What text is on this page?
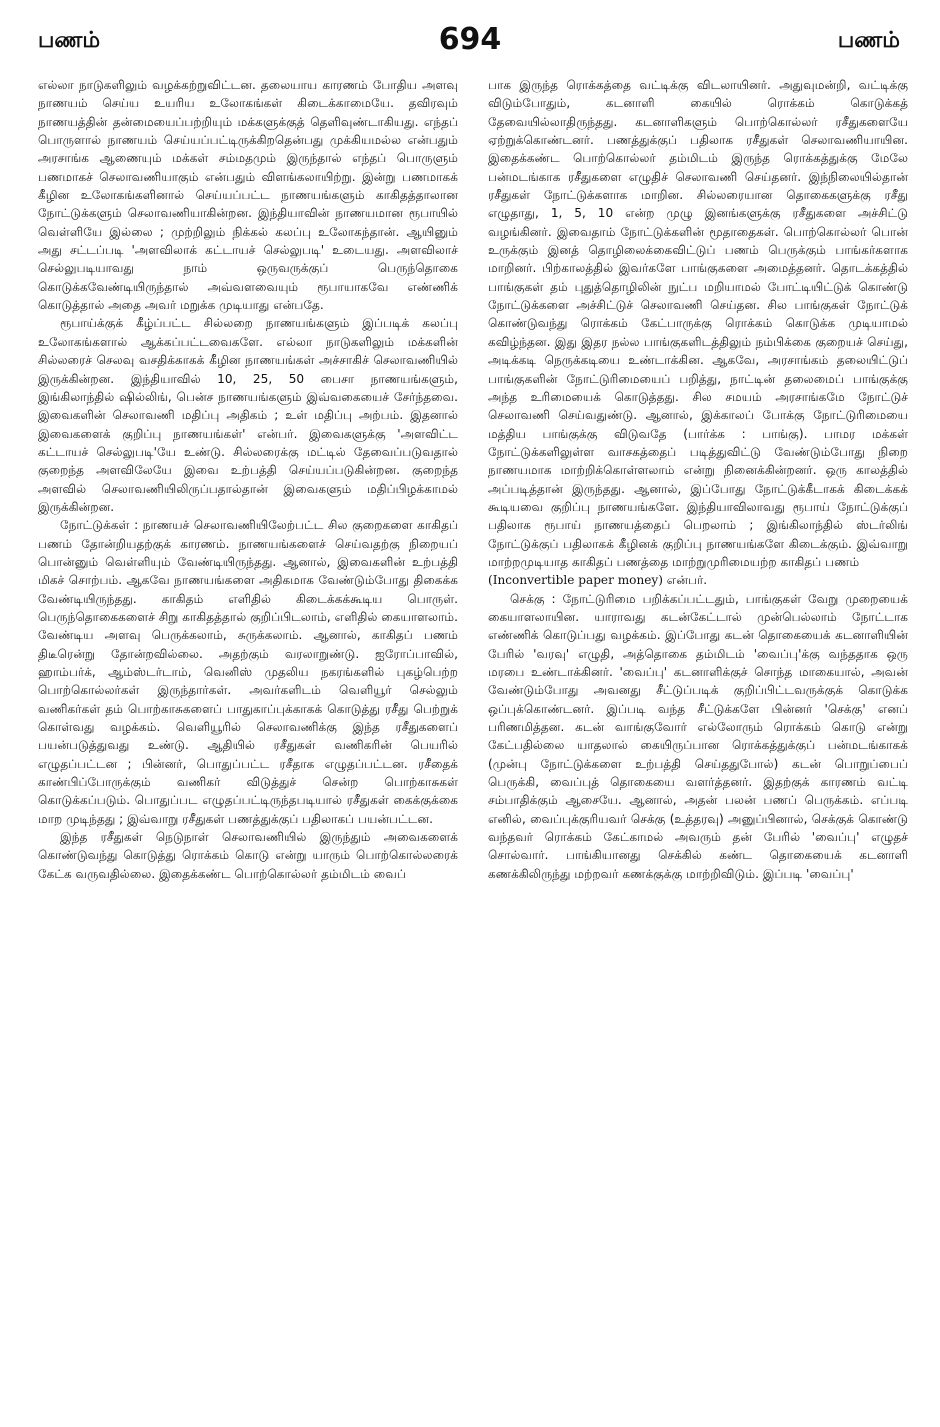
பணம்	694	பணம்

எல்லா நாடுகளிலும் வழக்கற்றுவிட்டன. தலையாய காரணம் போதிய அளவு நாணயம் செய்ய உயரிய உலோகங்கள் கிடைக்காமையே. தவிரவும் நாணயத்தின் தன்மையைப்பற்றியும் மக்களுக்குத் தெளிவுண்டாகியது. எந்தப் பொருளால் நாணயம் செய்யப்பட்டிருக்கிறதென்பது முக்கியமல்ல என்பதும் அரசாங்க ஆணையும் மக்கள் சம்மதமும் இருந்தால் எந்தப் பொருளும் பணமாகச் செலாவணியாகும் என்பதும் விளங்கலாயிற்று. இன்று பணமாகக் கீழின உலோகங்களினால் செய்யப்பட்ட நாணயங்களும் காகிதத்தாலான நோட்டுக்களும் செலாவணியாகின்றன. இந்தியாவின் நாணயமான ரூபாயில் வெள்ளியே இல்லை ; முற்றிலும் நிக்கல் கலப்பு உலோகந்தான். ஆயினும் அது சட்டப்படி 'அளவிலாக் கட்டாயச் செல்லுபடி' உடையது. அளவிலாச் செல்லுபடியாவது நாம் ஒருவருக்குப் பெருந்தொகை கொடுக்கவேண்டியிருந்தால் அவ்வளவையும் ரூபாயாகவே எண்ணிக் கொடுத்தால் அதை அவர் மறுக்க முடியாது என்பதே.

ரூபாய்க்குக் கீழ்ப்பட்ட சில்லறை நாணயங்களும் இப்படிக் கலப்பு உலோகங்களால் ஆக்கப்பட்டவைகளே. எல்லா நாடுகளிலும் மக்களின் சில்லரைச் செலவு வசதிக்காகக் கீழின நாணயங்கள் அச்சாகிச் செலாவணியில் இருக்கின்றன. இந்தியாவில் 10, 25, 50 பைசா நாணயங்களும், இங்கிலாந்தில் ஷில்லிங், பென்ச நாணயங்களும் இவ்வகையைச் சேர்ந்தவை. இவைகளின் செலாவணி மதிப்பு அதிகம் ; உள் மதிப்பு அற்பம். இதனால் இவைகளைக் குறிப்பு நாணயங்கள்' என்பர். இவைகளுக்கு 'அளவிட்ட கட்டாயச் செல்லுபடி'யே உண்டு. சில்லரைக்கு மட்டில் தேவைப்படுவதால் குறைந்த அளவிலேயே இவை உற்பத்தி செய்யப்படுகின்றன. குறைந்த அளவில் செலாவணியிலிருப்பதால்தான் இவைகளும் மதிப்பிழக்காமல் இருக்கின்றன.

நோட்டுக்கள் : நாணயச் செலாவணியிலேற்பட்ட சில குறைகளை காகிதப் பணம் தோன்றியதற்குக் காரணம். நாணயங்களைச் செய்வதற்கு நிறையப் பொன்னும் வெள்ளியும் வேண்டியிருந்தது. ஆனால், இவைகளின் உற்பத்தி மிகச் சொற்பம். ஆகவே நாணயங்களை அதிகமாக வேண்டும்போது திகைக்க வேண்டியிருந்தது. காகிதம் எளிதில் கிடைக்கக்கூடிய பொருள். பெருந்தொகைகளைச் சிறு காகிதத்தால் குறிப்பிடலாம், எளிதில் கையாளலாம். வேண்டிய அளவு பெருக்கலாம், சுருக்கலாம். ஆனால், காகிதப் பணம் திடீரென்று தோன்றவில்லை. அதற்கும் வரலாறுண்டு. ஐரோப்பாவில், ஹாம்பர்க், ஆம்ஸ்டர்டாம், வெனிஸ் முதலிய நகரங்களில் புகழ்பெற்ற பொற்கொல்லர்கள் இருந்தார்கள். அவர்களிடம் வெளியூர் செல்லும் வணிகர்கள் தம் பொற்காசுகளைப் பாதுகாப்புக்காகக் கொடுத்து ரசீது பெற்றுக் கொள்வது வழக்கம். வெளியூரில் செலாவணிக்கு இந்த ரசீதுகளைப் பயன்படுத்துவது உண்டு. ஆதியில் ரசீதுகள் வணிகரின் பெயரில் எழுதப்பட்டன ; பின்னர், பொதுப்பட்ட ரசீதாக எழுதப்பட்டன. ரசீதைக் காண்பிப்போருக்கும் வணிகர் விடுத்துச் சென்ற பொற்காசுகள் கொடுக்கப்படும். பொதுப்பட எழுதப்பட்டிருந்தபடியால் ரசீதுகள் கைக்குக்கை மாற முடிந்தது ; இவ்வாறு ரசீதுகள் பணத்துக்குப் பதிலாகப் பயன்பட்டன.

இந்த ரசீதுகள் நெடுநாள் செலாவணியில் இருந்தும் அவைகளைக் கொண்டுவந்து கொடுத்து ரொக்கம் கொடு என்று யாரும் பொற்கொல்லரைக் கேட்க வருவதில்லை. இதைக்கண்ட பொற்கொல்லர் தம்மிடம் வைப்

பாக இருந்த ரொக்கத்தை வட்டிக்கு விடலாயினர். அதுவுமன்றி, வட்டிக்கு விடும்போதும், கடனாளி கையில் ரொக்கம் கொடுக்கத் தேவையில்லாதிருந்தது. கடனாளிகளும் பொற்கொல்லர் ரசீதுகளையே ஏற்றுக்கொண்டனர். பணத்துக்குப் பதிலாக ரசீதுகள் செலாவணியாயின. இதைக்கண்ட பொற்கொல்லர் தம்மிடம் இருந்த ரொக்கத்துக்கு மேலே பன்மடங்காக ரசீதுகளை எழுதிச் செலாவணி செய்தனர். இந்நிலையில்தான் ரசீதுகள் நோட்டுக்களாக மாறின. சில்லரையான தொகைகளுக்கு ரசீது எழுதாது, 1, 5, 10 என்ற முழு இனங்களுக்கு ரசீதுகளை அச்சிட்டு வழங்கினர். இவைதாம் நோட்டுக்களின் மூதாதைகள். பொற்கொல்லர் பொன் உருக்கும் இனத் தொழிலைக்கைவிட்டுப் பணம் பெருக்கும் பாங்கர்களாக மாறினர். பிற்காலத்தில் இவர்களே பாங்குகளை அமைத்தனர். தொடக்கத்தில் பாங்குகள் தம் புதுத்தொழிலின் நுட்ப மறியாமல் போட்டியிட்டுக் கொண்டு நோட்டுக்களை அச்சிட்டுச் செலாவணி செய்தன. சில பாங்குகள் நோட்டுக் கொண்டுவந்து ரொக்கம் கேட்பாருக்கு ரொக்கம் கொடுக்க முடியாமல் கவிழ்ந்தன. இது இதர நல்ல பாங்குகளிடத்திலும் நம்பிக்கை குறையச் செய்து, அடிக்கடி நெருக்கடியை உண்டாக்கின. ஆகவே, அரசாங்கம் தலையிட்டுப் பாங்குகளின் நோட்டுரிமையைப் பறித்து, நாட்டின் தலைமைப் பாங்குக்கு அந்த உரிமையைக் கொடுத்தது. சில சமயம் அரசாங்கமே நோட்டுச் செலாவணி செய்வதுண்டு. ஆனால், இக்காலப் போக்கு நோட்டுரிமையை மத்திய பாங்குக்கு விடுவதே (பார்க்க : பாங்கு). பாமர மக்கள் நோட்டுக்களிலுள்ள வாசகத்தைப் படித்துவிட்டு வேண்டும்போது நிறை நாணயமாக மாற்றிக்கொள்ளலாம் என்று நினைக்கின்றனர். ஒரு காலத்தில் அப்படித்தான் இருந்தது. ஆனால், இப்போது நோட்டுக்கீடாகக் கிடைக்கக் கூடியவை குறிப்பு நாணயங்களே. இந்தியாவிலாவது ரூபாய் நோட்டுக்குப் பதிலாக ரூபாய் நாணயத்தைப் பெறலாம் ; இங்கிலாந்தில் ஸ்டர்லிங் நோட்டுக்குப் பதிலாகக் கீழினக் குறிப்பு நாணயங்களே கிடைக்கும். இவ்வாறு மாற்றமுடியாத காகிதப் பணத்தை மாற்றுமுரிமையற்ற காகிதப் பணம்

(Inconvertible paper money) என்பர்.

செக்கு : நோட்டுரிமை பறிக்கப்பட்டதும், பாங்குகள் வேறு முறையைக் கையாளலாயின. யாராவது கடன்கேட்டால் முன்பெல்லாம் நோட்டாக எண்ணிக் கொடுப்பது வழக்கம். இப்போது கடன் தொகையைக் கடனாளியின் பேரில் 'வரவு' எழுதி, அத்தொகை தம்மிடம் 'வைப்பு'க்கு வந்ததாக ஒரு மரபை உண்டாக்கினர். 'வைப்பு' கடனாளிக்குச் சொந்த மாகையால், அவன் வேண்டும்போது அவனது சீட்டுப்படிக் குறிப்பிட்டவருக்குக் கொடுக்க ஒப்புக்கொண்டனர். இப்படி வந்த சீட்டுக்களே பின்னர் 'செக்கு' எனப் பரிணமித்தன. கடன் வாங்குவோர் எல்லோரும் ரொக்கம் கொடு என்று கேட்பதில்லை யாதலால் கையிருப்பான ரொக்கத்துக்குப் பன்மடங்காகக் (முன்பு நோட்டுக்களை உற்பத்தி செய்ததுபோல்) கடன் பொறுப்பைப் பெருக்கி, வைப்புத் தொகையை வளர்த்தனர். இதற்குக் காரணம் வட்டி சம்பாதிக்கும் ஆசையே. ஆனால், அதன் பலன் பணப் பெருக்கம். எப்படி எனில், வைப்புக்குரியவர் செக்கு (உத்தரவு) அனுப்பினால், செக்குக் கொண்டு வந்தவர் ரொக்கம் கேட்காமல் அவரும் தன் பேரில் 'வைப்பு' எழுதச் சொல்வார். பாங்கியானது செக்கில் கண்ட தொகையைக் கடனாளி கணக்கிலிருந்து மற்றவர் கணக்குக்கு மாற்றிவிடும். இப்படி 'வைப்பு'
